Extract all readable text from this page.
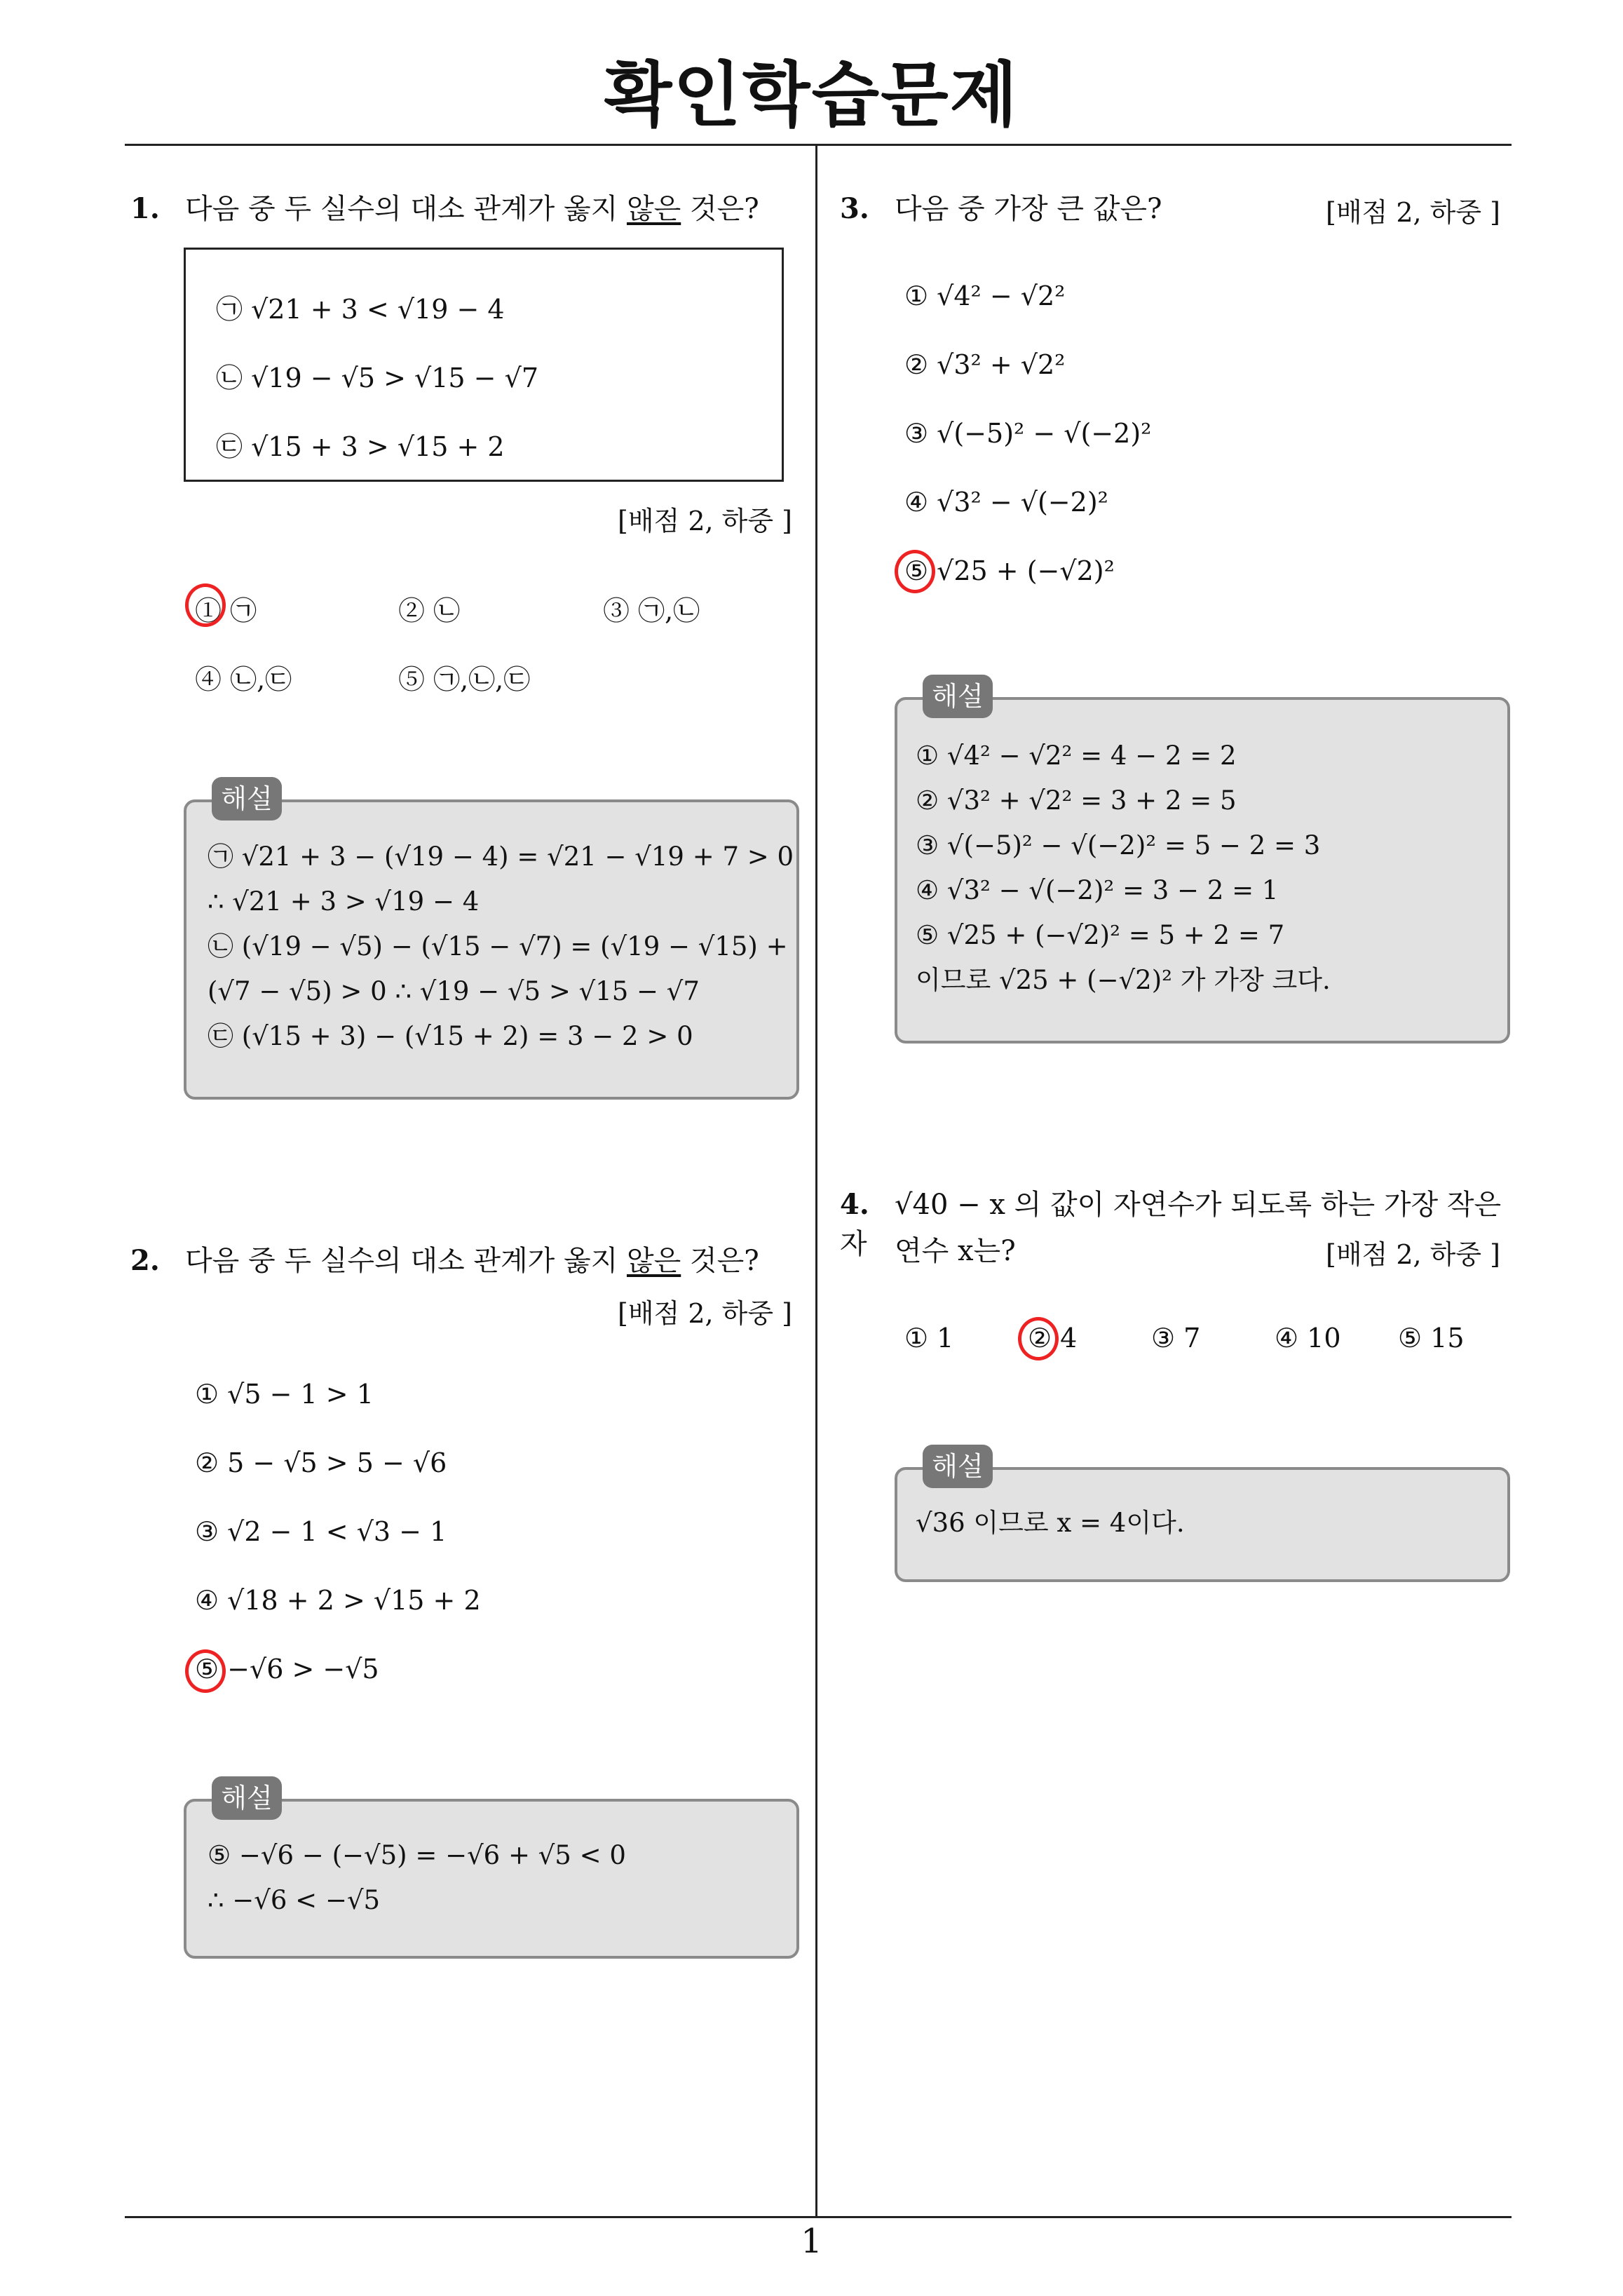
확인학습문제
1
1. 다음 중 두 실수의 대소 관계가 옳지 않은 것은?
㉠ √21 + 3 < √19 − 4
㉡ √19 − √5 > √15 − √7
㉢ √15 + 3 > √15 + 2
[배점 2, 하중 ]
① ㉠	② ㉡	③ ㉠,㉡
④ ㉡,㉢	⑤ ㉠,㉡,㉢
해설
㉠ √21 + 3 − (√19 − 4) = √21 − √19 + 7 > 0
∴ √21 + 3 > √19 − 4
㉡ (√19 − √5) − (√15 − √7) = (√19 − √15) +
(√7 − √5) > 0 ∴ √19 − √5 > √15 − √7
㉢ (√15 + 3) − (√15 + 2) = 3 − 2 > 0
2. 다음 중 두 실수의 대소 관계가 옳지 않은 것은?
[배점 2, 하중 ]
① √5 − 1 > 1
② 5 − √5 > 5 − √6
③ √2 − 1 < √3 − 1
④ √18 + 2 > √15 + 2
⑤ −√6 > −√5
해설
⑤ −√6 − (−√5) = −√6 + √5 < 0
∴ −√6 < −√5
3. 다음 중 가장 큰 값은?	[배점 2, 하중 ]
① √4² − √2²
② √3² + √2²
③ √(−5)² − √(−2)²
④ √3² − √(−2)²
⑤ √25 + (−√2)²
해설
① √4² − √2² = 4 − 2 = 2
② √3² + √2² = 3 + 2 = 5
③ √(−5)² − √(−2)² = 5 − 2 = 3
④ √3² − √(−2)² = 3 − 2 = 1
⑤ √25 + (−√2)² = 5 + 2 = 7
이므로 √25 + (−√2)² 가 가장 크다.
4. √40 − x 의 값이 자연수가 되도록 하는 가장 작은 자 연수 x는?	[배점 2, 하중 ]
① 1	② 4	③ 7	④ 10 ⑤ 15
해설
√36 이므로 x = 4이다.
